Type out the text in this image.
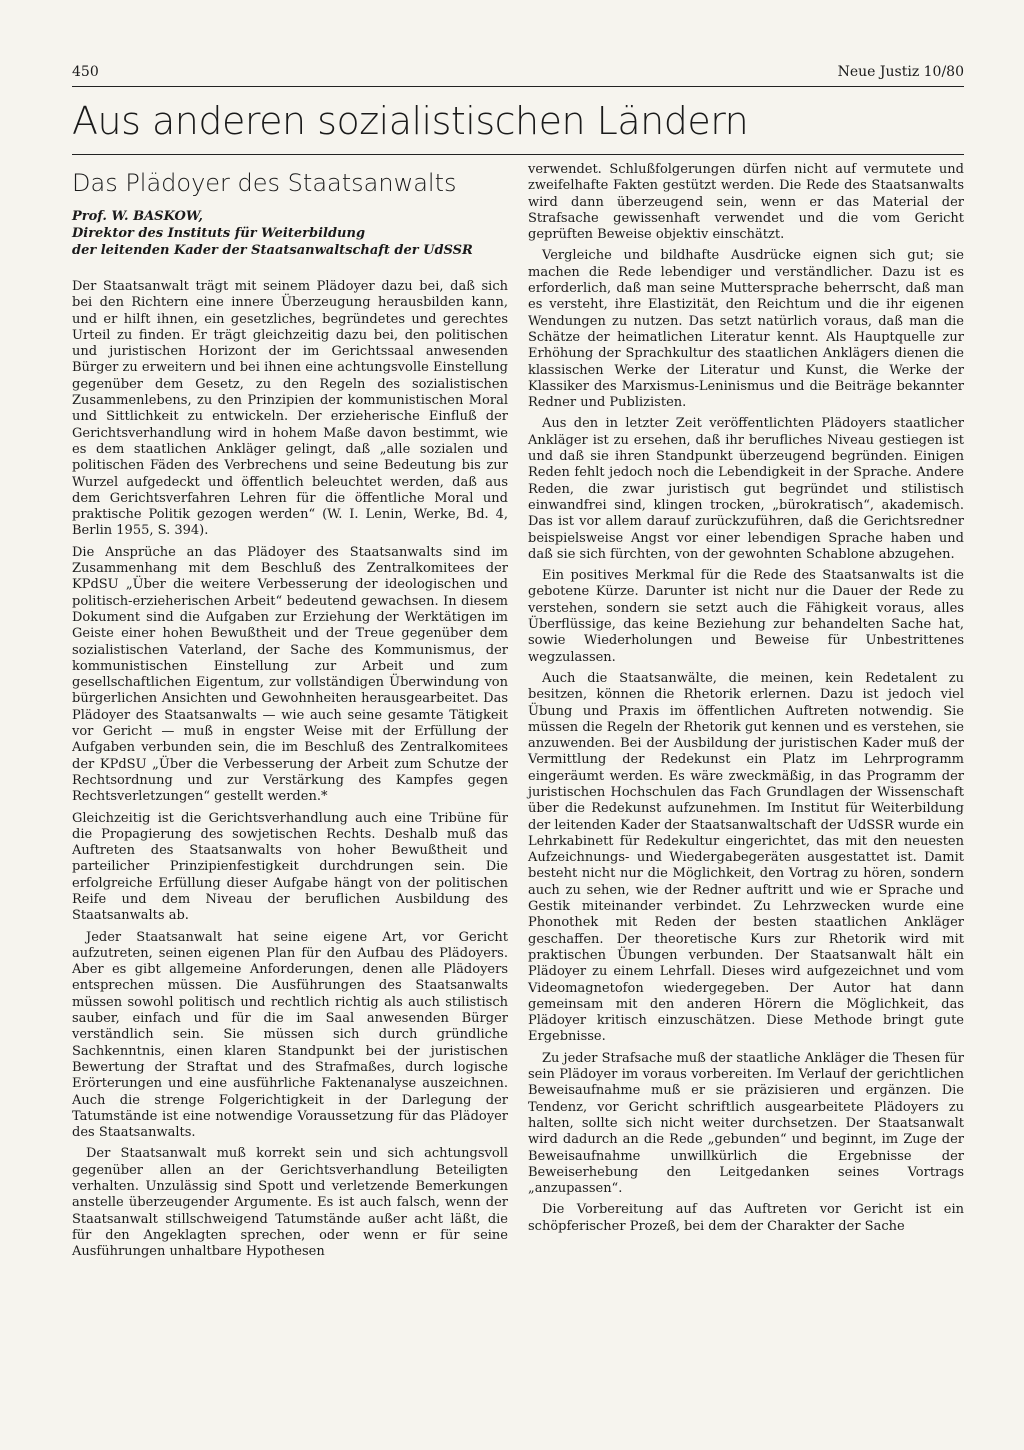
450	Neue Justiz 10/80
Aus anderen sozialistischen Ländern
Das Plädoyer des Staatsanwalts
Prof. W. BASKOW,
Direktor des Instituts für Weiterbildung
der leitenden Kader der Staatsanwaltschaft der UdSSR

Der Staatsanwalt trägt mit seinem Plädoyer dazu bei, daß sich bei den Richtern eine innere Überzeugung herausbilden kann, und er hilft ihnen, ein gesetzliches, begründetes und gerechtes Urteil zu finden. Er trägt gleichzeitig dazu bei, den politischen und juristischen Horizont der im Gerichtssaal anwesenden Bürger zu erweitern und bei ihnen eine achtungsvolle Einstellung gegenüber dem Gesetz, zu den Regeln des sozialistischen Zusammenlebens, zu den Prinzipien der kommunistischen Moral und Sittlichkeit zu entwickeln. Der erzieherische Einfluß der Gerichtsverhandlung wird in hohem Maße davon bestimmt, wie es dem staatlichen Ankläger gelingt, daß „alle sozialen und politischen Fäden des Verbrechens und seine Bedeutung bis zur Wurzel aufgedeckt und öffentlich beleuchtet werden, daß aus dem Gerichtsverfahren Lehren für die öffentliche Moral und praktische Politik gezogen werden“ (W. I. Lenin, Werke, Bd. 4, Berlin 1955, S. 394).

Die Ansprüche an das Plädoyer des Staatsanwalts sind im Zusammenhang mit dem Beschluß des Zentralkomitees der KPdSU „Über die weitere Verbesserung der ideologischen und politisch-erzieherischen Arbeit“ bedeutend gewachsen. In diesem Dokument sind die Aufgaben zur Erziehung der Werktätigen im Geiste einer hohen Bewußtheit und der Treue gegenüber dem sozialistischen Vaterland, der Sache des Kommunismus, der kommunistischen Einstellung zur Arbeit und zum gesellschaftlichen Eigentum, zur vollständigen Überwindung von bürgerlichen Ansichten und Gewohnheiten herausgearbeitet. Das Plädoyer des Staatsanwalts — wie auch seine gesamte Tätigkeit vor Gericht — muß in engster Weise mit der Erfüllung der Aufgaben verbunden sein, die im Beschluß des Zentralkomitees der KPdSU „Über die Verbesserung der Arbeit zum Schutze der Rechtsordnung und zur Verstärkung des Kampfes gegen Rechtsverletzungen“ gestellt werden.*

Gleichzeitig ist die Gerichtsverhandlung auch eine Tribüne für die Propagierung des sowjetischen Rechts. Deshalb muß das Auftreten des Staatsanwalts von hoher Bewußtheit und parteilicher Prinzipienfestigkeit durchdrungen sein. Die erfolgreiche Erfüllung dieser Aufgabe hängt von der politischen Reife und dem Niveau der beruflichen Ausbildung des Staatsanwalts ab.

Jeder Staatsanwalt hat seine eigene Art, vor Gericht aufzutreten, seinen eigenen Plan für den Aufbau des Plädoyers. Aber es gibt allgemeine Anforderungen, denen alle Plädoyers entsprechen müssen. Die Ausführungen des Staatsanwalts müssen sowohl politisch und rechtlich richtig als auch stilistisch sauber, einfach und für die im Saal anwesenden Bürger verständlich sein. Sie müssen sich durch gründliche Sachkenntnis, einen klaren Standpunkt bei der juristischen Bewertung der Straftat und des Strafmaßes, durch logische Erörterungen und eine ausführliche Faktenanalyse auszeichnen. Auch die strenge Folgerichtigkeit in der Darlegung der Tatumstände ist eine notwendige Voraussetzung für das Plädoyer des Staatsanwalts.

Der Staatsanwalt muß korrekt sein und sich achtungsvoll gegenüber allen an der Gerichtsverhandlung Beteiligten verhalten. Unzulässig sind Spott und verletzende Bemerkungen anstelle überzeugender Argumente. Es ist auch falsch, wenn der Staatsanwalt stillschweigend Tatumstände außer acht läßt, die für den Angeklagten sprechen, oder wenn er für seine Ausführungen unhaltbare Hypothesen

verwendet. Schlußfolgerungen dürfen nicht auf vermutete und zweifelhafte Fakten gestützt werden. Die Rede des Staatsanwalts wird dann überzeugend sein, wenn er das Material der Strafsache gewissenhaft verwendet und die vom Gericht geprüften Beweise objektiv einschätzt.

Vergleiche und bildhafte Ausdrücke eignen sich gut; sie machen die Rede lebendiger und verständlicher. Dazu ist es erforderlich, daß man seine Muttersprache beherrscht, daß man es versteht, ihre Elastizität, den Reichtum und die ihr eigenen Wendungen zu nutzen. Das setzt natürlich voraus, daß man die Schätze der heimatlichen Literatur kennt. Als Hauptquelle zur Erhöhung der Sprachkultur des staatlichen Anklägers dienen die klassischen Werke der Literatur und Kunst, die Werke der Klassiker des Marxismus-Leninismus und die Beiträge bekannter Redner und Publizisten.

Aus den in letzter Zeit veröffentlichten Plädoyers staatlicher Ankläger ist zu ersehen, daß ihr berufliches Niveau gestiegen ist und daß sie ihren Standpunkt überzeugend begründen. Einigen Reden fehlt jedoch noch die Lebendigkeit in der Sprache. Andere Reden, die zwar juristisch gut begründet und stilistisch einwandfrei sind, klingen trocken, „bürokratisch“, akademisch. Das ist vor allem darauf zurückzuführen, daß die Gerichtsredner beispielsweise Angst vor einer lebendigen Sprache haben und daß sie sich fürchten, von der gewohnten Schablone abzugehen.

Ein positives Merkmal für die Rede des Staatsanwalts ist die gebotene Kürze. Darunter ist nicht nur die Dauer der Rede zu verstehen, sondern sie setzt auch die Fähigkeit voraus, alles Überflüssige, das keine Beziehung zur behandelten Sache hat, sowie Wiederholungen und Beweise für Unbestrittenes wegzulassen.

Auch die Staatsanwälte, die meinen, kein Redetalent zu besitzen, können die Rhetorik erlernen. Dazu ist jedoch viel Übung und Praxis im öffentlichen Auftreten notwendig. Sie müssen die Regeln der Rhetorik gut kennen und es verstehen, sie anzuwenden. Bei der Ausbildung der juristischen Kader muß der Vermittlung der Redekunst ein Platz im Lehrprogramm eingeräumt werden. Es wäre zweckmäßig, in das Programm der juristischen Hochschulen das Fach Grundlagen der Wissenschaft über die Redekunst aufzunehmen. Im Institut für Weiterbildung der leitenden Kader der Staatsanwaltschaft der UdSSR wurde ein Lehrkabinett für Redekultur eingerichtet, das mit den neuesten Aufzeichnungs- und Wiedergabegeräten ausgestattet ist. Damit besteht nicht nur die Möglichkeit, den Vortrag zu hören, sondern auch zu sehen, wie der Redner auftritt und wie er Sprache und Gestik miteinander verbindet. Zu Lehrzwecken wurde eine Phonothek mit Reden der besten staatlichen Ankläger geschaffen. Der theoretische Kurs zur Rhetorik wird mit praktischen Übungen verbunden. Der Staatsanwalt hält ein Plädoyer zu einem Lehrfall. Dieses wird aufgezeichnet und vom Videomagnetofon wiedergegeben. Der Autor hat dann gemeinsam mit den anderen Hörern die Möglichkeit, das Plädoyer kritisch einzuschätzen. Diese Methode bringt gute Ergebnisse.

Zu jeder Strafsache muß der staatliche Ankläger die Thesen für sein Plädoyer im voraus vorbereiten. Im Verlauf der gerichtlichen Beweisaufnahme muß er sie präzisieren und ergänzen. Die Tendenz, vor Gericht schriftlich ausgearbeitete Plädoyers zu halten, sollte sich nicht weiter durchsetzen. Der Staatsanwalt wird dadurch an die Rede „gebunden“ und beginnt, im Zuge der Beweisaufnahme unwillkürlich die Ergebnisse der Beweiserhebung den Leitgedanken seines Vortrags „anzupassen“.

Die Vorbereitung auf das Auftreten vor Gericht ist ein schöpferischer Prozeß, bei dem der Charakter der Sache
